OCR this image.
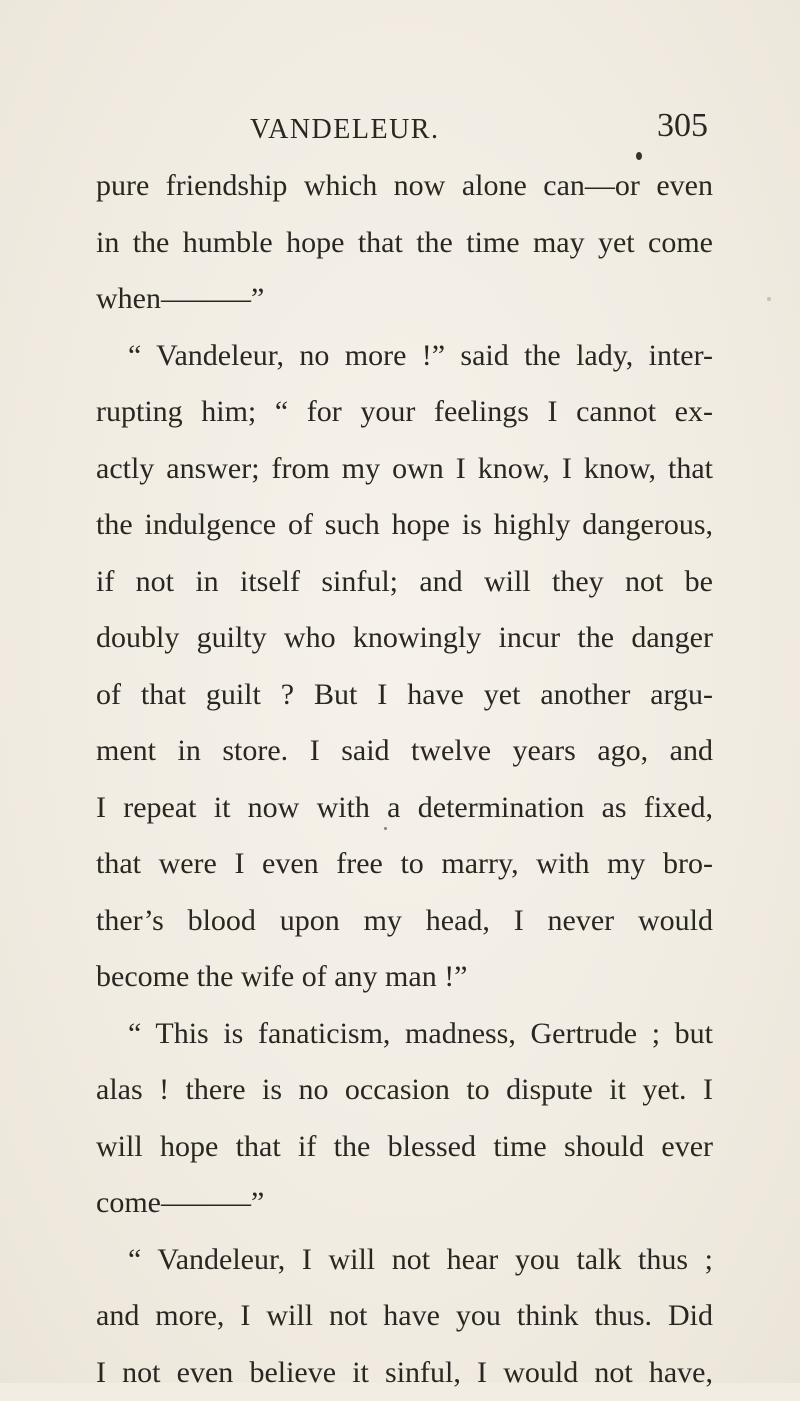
VANDELEUR.	305
pure friendship which now alone can—or even
in the humble hope that the time may yet come
when———”
“ Vandeleur, no more !” said the lady, inter-
rupting him; “ for your feelings I cannot ex-
actly answer; from my own I know, I know, that
the indulgence of such hope is highly dangerous,
if not in itself sinful; and will they not be
doubly guilty who knowingly incur the danger
of that guilt ? But I have yet another argu-
ment in store. I said twelve years ago, and
I repeat it now with a determination as fixed,
that were I even free to marry, with my bro-
ther’s blood upon my head, I never would
become the wife of any man !”
“ This is fanaticism, madness, Gertrude ; but
alas ! there is no occasion to dispute it yet. I
will hope that if the blessed time should ever
come———”
“ Vandeleur, I will not hear you talk thus ;
and more, I will not have you think thus. Did
I not even believe it sinful, I would not have,
